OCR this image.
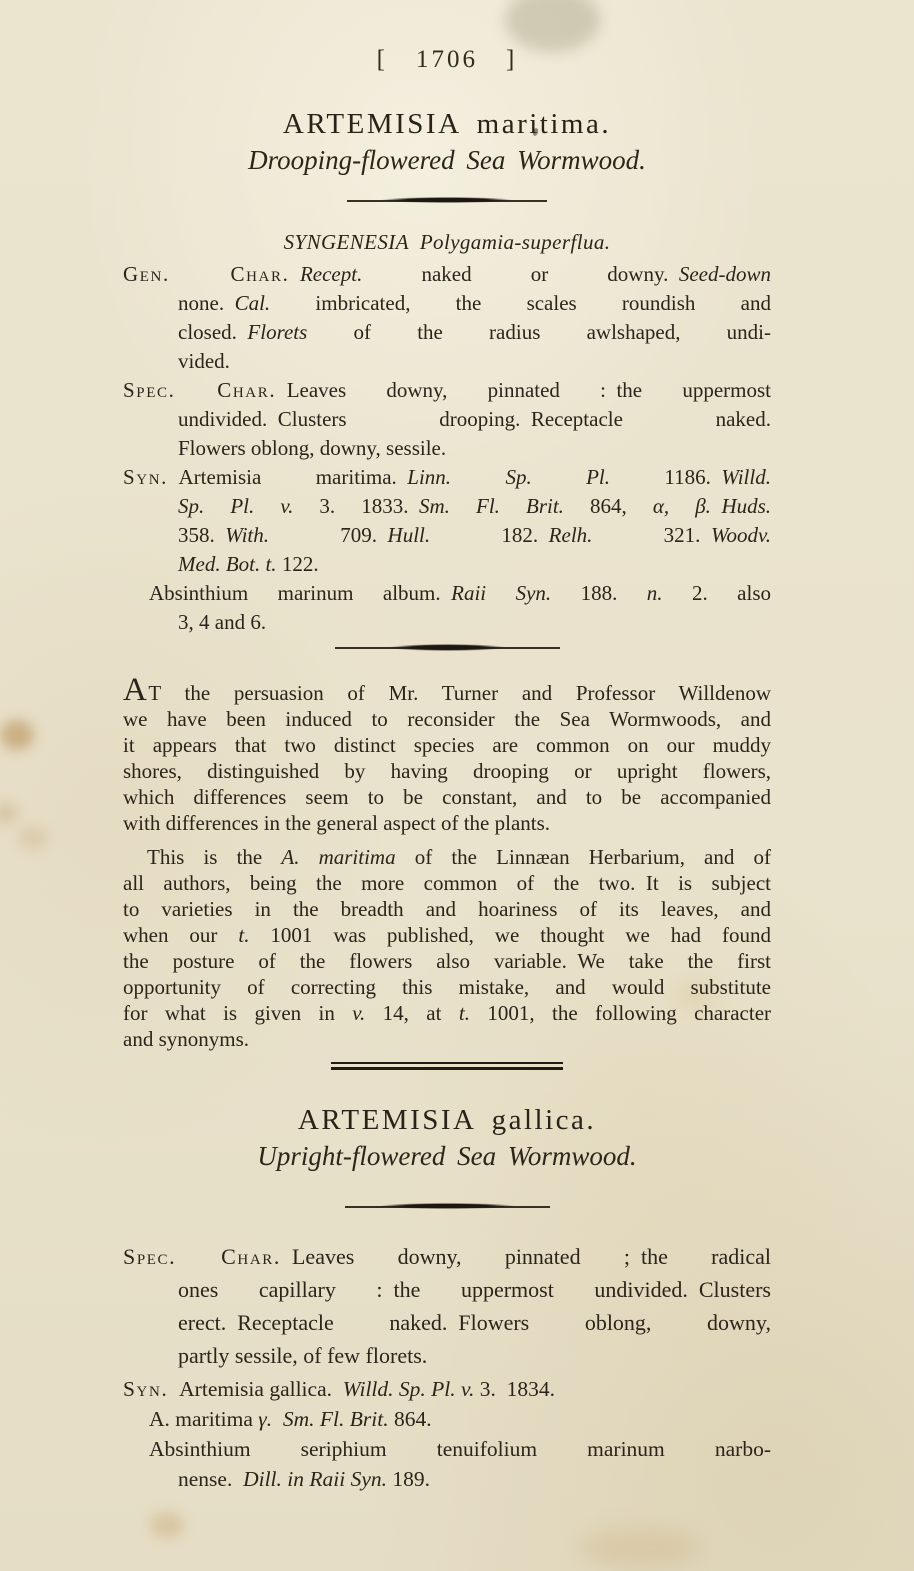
[ 1706 ]
ARTEMISIA maritima.
Drooping-flowered Sea Wormwood.
SYNGENESIA Polygamia-superflua.
Gen. Char.  Recept. naked or downy. Seed-down
none. Cal. imbricated, the scales roundish and
closed. Florets of the radius awlshaped, undi-
vided.
Spec. Char. Leaves downy, pinnated : the uppermost
undivided. Clusters drooping. Receptacle naked.
Flowers oblong, downy, sessile.
Syn. Artemisia maritima. Linn. Sp. Pl. 1186. Willd.
Sp. Pl. v. 3. 1833. Sm. Fl. Brit. 864, α, β.  Huds.
358. With. 709. Hull. 182. Relh. 321. Woodv.
Med. Bot. t. 122.
Absinthium marinum album. Raii Syn. 188. n. 2. also
3, 4 and 6.
AT the persuasion of Mr. Turner and Professor Willdenow
we have been induced to reconsider the Sea Wormwoods, and
it appears that two distinct species are common on our muddy
shores, distinguished by having drooping or upright flowers,
which differences seem to be constant, and to be accompanied
with differences in the general aspect of the plants.
This is the A. maritima of the Linnæan Herbarium, and of
all authors, being the more common of the two. It is subject
to varieties in the breadth and hoariness of its leaves, and
when our t. 1001 was published, we thought we had found
the posture of the flowers also variable. We take the first
opportunity of correcting this mistake, and would substitute
for what is given in v. 14, at t. 1001, the following character
and synonyms.
ARTEMISIA gallica.
Upright-flowered Sea Wormwood.
Spec. Char. Leaves downy, pinnated ; the radical
ones capillary : the uppermost undivided. Clusters
erect. Receptacle naked. Flowers oblong, downy,
partly sessile, of few florets.
Syn. Artemisia gallica. Willd. Sp. Pl. v. 3. 1834.
A. maritima γ.  Sm. Fl. Brit. 864.
Absinthium seriphium tenuifolium marinum narbo-
nense. Dill. in Raii Syn. 189.
